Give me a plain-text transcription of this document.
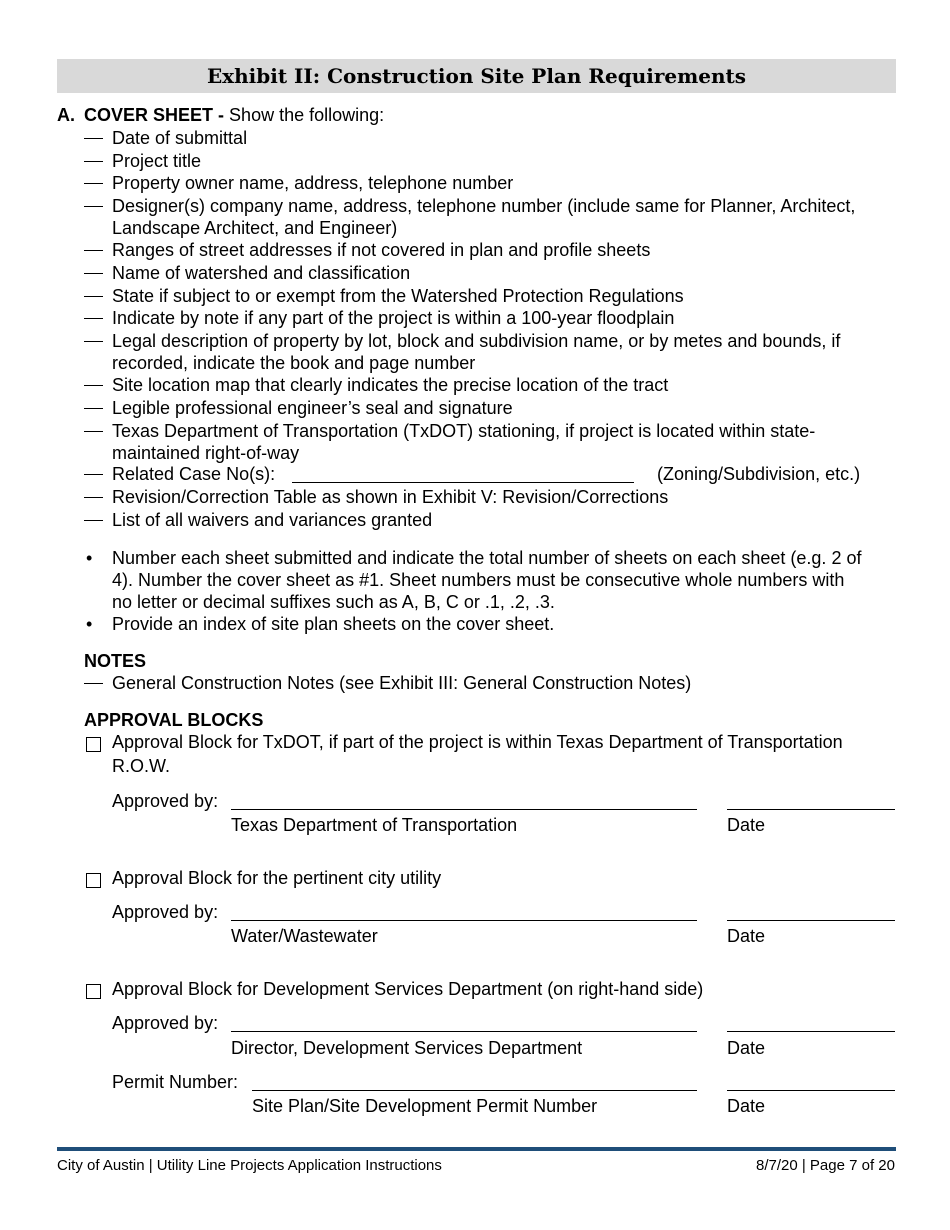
Exhibit II: Construction Site Plan Requirements
A. COVER SHEET - Show the following:
Date of submittal
Project title
Property owner name, address, telephone number
Designer(s) company name, address, telephone number (include same for Planner, Architect,
Landscape Architect, and Engineer)
Ranges of street addresses if not covered in plan and profile sheets
Name of watershed and classification
State if subject to or exempt from the Watershed Protection Regulations
Indicate by note if any part of the project is within a 100-year floodplain
Legal description of property by lot, block and subdivision name, or by metes and bounds, if
recorded, indicate the book and page number
Site location map that clearly indicates the precise location of the tract
Legible professional engineer’s seal and signature
Texas Department of Transportation (TxDOT) stationing, if project is located within state-
maintained right-of-way
Related Case No(s):	(Zoning/Subdivision, etc.)
Revision/Correction Table as shown in Exhibit V: Revision/Corrections
List of all waivers and variances granted
• Number each sheet submitted and indicate the total number of sheets on each sheet (e.g. 2 of
4). Number the cover sheet as #1. Sheet numbers must be consecutive whole numbers with
no letter or decimal suffixes such as A, B, C or .1, .2, .3.
• Provide an index of site plan sheets on the cover sheet.
NOTES
General Construction Notes (see Exhibit III: General Construction Notes)
APPROVAL BLOCKS
Approval Block for TxDOT, if part of the project is within Texas Department of Transportation
R.O.W.
Approved by:
Texas Department of Transportation	Date
Approval Block for the pertinent city utility
Approved by:
Water/Wastewater	Date
Approval Block for Development Services Department (on right-hand side)
Approved by:
Director, Development Services Department	Date
Permit Number:
Site Plan/Site Development Permit Number	Date
City of Austin | Utility Line Projects Application Instructions	8/7/20 | Page 7 of 20
